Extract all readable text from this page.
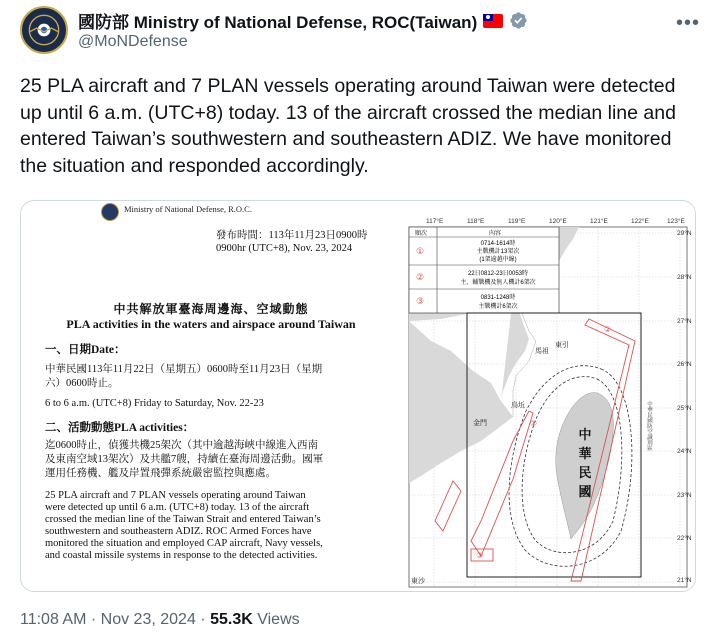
國防部 Ministry of National Defense, ROC(Taiwan)
@MoNDefense
•••
25 PLA aircraft and 7 PLAN vessels operating around Taiwan were detected up until 6 a.m. (UTC+8) today. 13 of the aircraft crossed the median line and entered Taiwan’s southwestern and southeastern ADIZ. We have monitored the situation and responded accordingly.
Ministry of National Defense, R.O.C.
發布時間：113年11月23日0900時
0900hr (UTC+8), Nov. 23, 2024
中共解放軍臺海周邊海、空域動態
PLA activities in the waters and airspace around Taiwan
一、日期Date：
中華民國113年11月22日（星期五）0600時至11月23日（星期
六）0600時止。
6 to 6 a.m. (UTC+8) Friday to Saturday, Nov. 22-23
二、活動動態PLA activities：
迄0600時止，偵獲共機25架次（其中逾越海峽中線進入西南
及東南空域13架次）及共艦7艘，持續在臺海周邊活動。國軍
運用任務機、艦及岸置飛彈系統嚴密監控與應處。
25 PLA aircraft and 7 PLAN vessels operating around Taiwan
were detected up until 6 a.m. (UTC+8) today. 13 of the aircraft
crossed the median line of the Taiwan Strait and entered Taiwan’s
southwestern and southeastern ADIZ. ROC Armed Forces have
monitored the situation and employed CAP aircraft, Navy vessels,
and coastal missile systems in response to the detected activities.
117°E	118°E	119°E	120°E	121°E	122°E	123°E
29°N
28°N
27°N
26°N
25°N
24°N
23°N
22°N
21°N
順次	內容
①
0714-1614時
主戰機計13架次
(1架逾越中線)
②	22日0812-23日0053時
主、輔戰機及無人機計6架次
③	0831-1248時
主戰機計6架次
中
華
民
國
①
②
③
東引
馬祖
烏坵
金門
東沙
中華民國防空識別區
11:08 AM · Nov 23, 2024 · 55.3K Views
